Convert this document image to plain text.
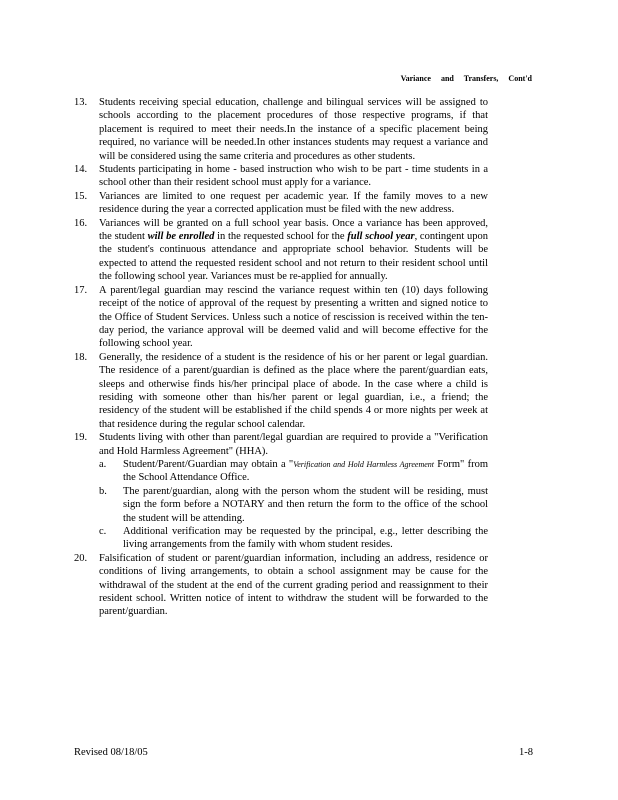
Variance and Transfers, Cont'd
13.	Students receiving special education, challenge and bilingual services will be assigned to schools according to the placement procedures of those respective programs, if that placement is required to meet their needs.In the instance of a specific placement being required, no variance will be needed.In other instances students may request a variance and will be considered using the same criteria and procedures as other students.
14.	Students participating in home - based instruction who wish to be part - time students in a school other than their resident school must apply for a variance.
15.	Variances are limited to one request per academic year. If the family moves to a new residence during the year a corrected application must be filed with the new address.
16.	Variances will be granted on a full school year basis. Once a variance has been approved, the student will be enrolled in the requested school for the full school year, contingent upon the student's continuous attendance and appropriate school behavior. Students will be expected to attend the requested resident school and not return to their resident school until the following school year. Variances must be re-applied for annually.
17.	A parent/legal guardian may rescind the variance request within ten (10) days following receipt of the notice of approval of the request by presenting a written and signed notice to the Office of Student Services. Unless such a notice of rescission is received within the ten-day period, the variance approval will be deemed valid and will become effective for the following school year.
18.	Generally, the residence of a student is the residence of his or her parent or legal guardian. The residence of a parent/guardian is defined as the place where the parent/guardian eats, sleeps and otherwise finds his/her principal place of abode. In the case where a child is residing with someone other than his/her parent or legal guardian, i.e., a friend; the residency of the student will be established if the child spends 4 or more nights per week at that residence during the regular school calendar.
19.	Students living with other than parent/legal guardian are required to provide a "Verification and Hold Harmless Agreement" (HHA).
a.	Student/Parent/Guardian may obtain a "Verification and Hold Harmless Agreement Form" from the School Attendance Office.
b.	The parent/guardian, along with the person whom the student will be residing, must sign the form before a NOTARY and then return the form to the office of the school the student will be attending.
c.	Additional verification may be requested by the principal, e.g., letter describing the living arrangements from the family with whom student resides.
20.	Falsification of student or parent/guardian information, including an address, residence or conditions of living arrangements, to obtain a school assignment may be cause for the withdrawal of the student at the end of the current grading period and reassignment to their resident school. Written notice of intent to withdraw the student will be forwarded to the parent/guardian.
Revised 08/18/05	1-8
